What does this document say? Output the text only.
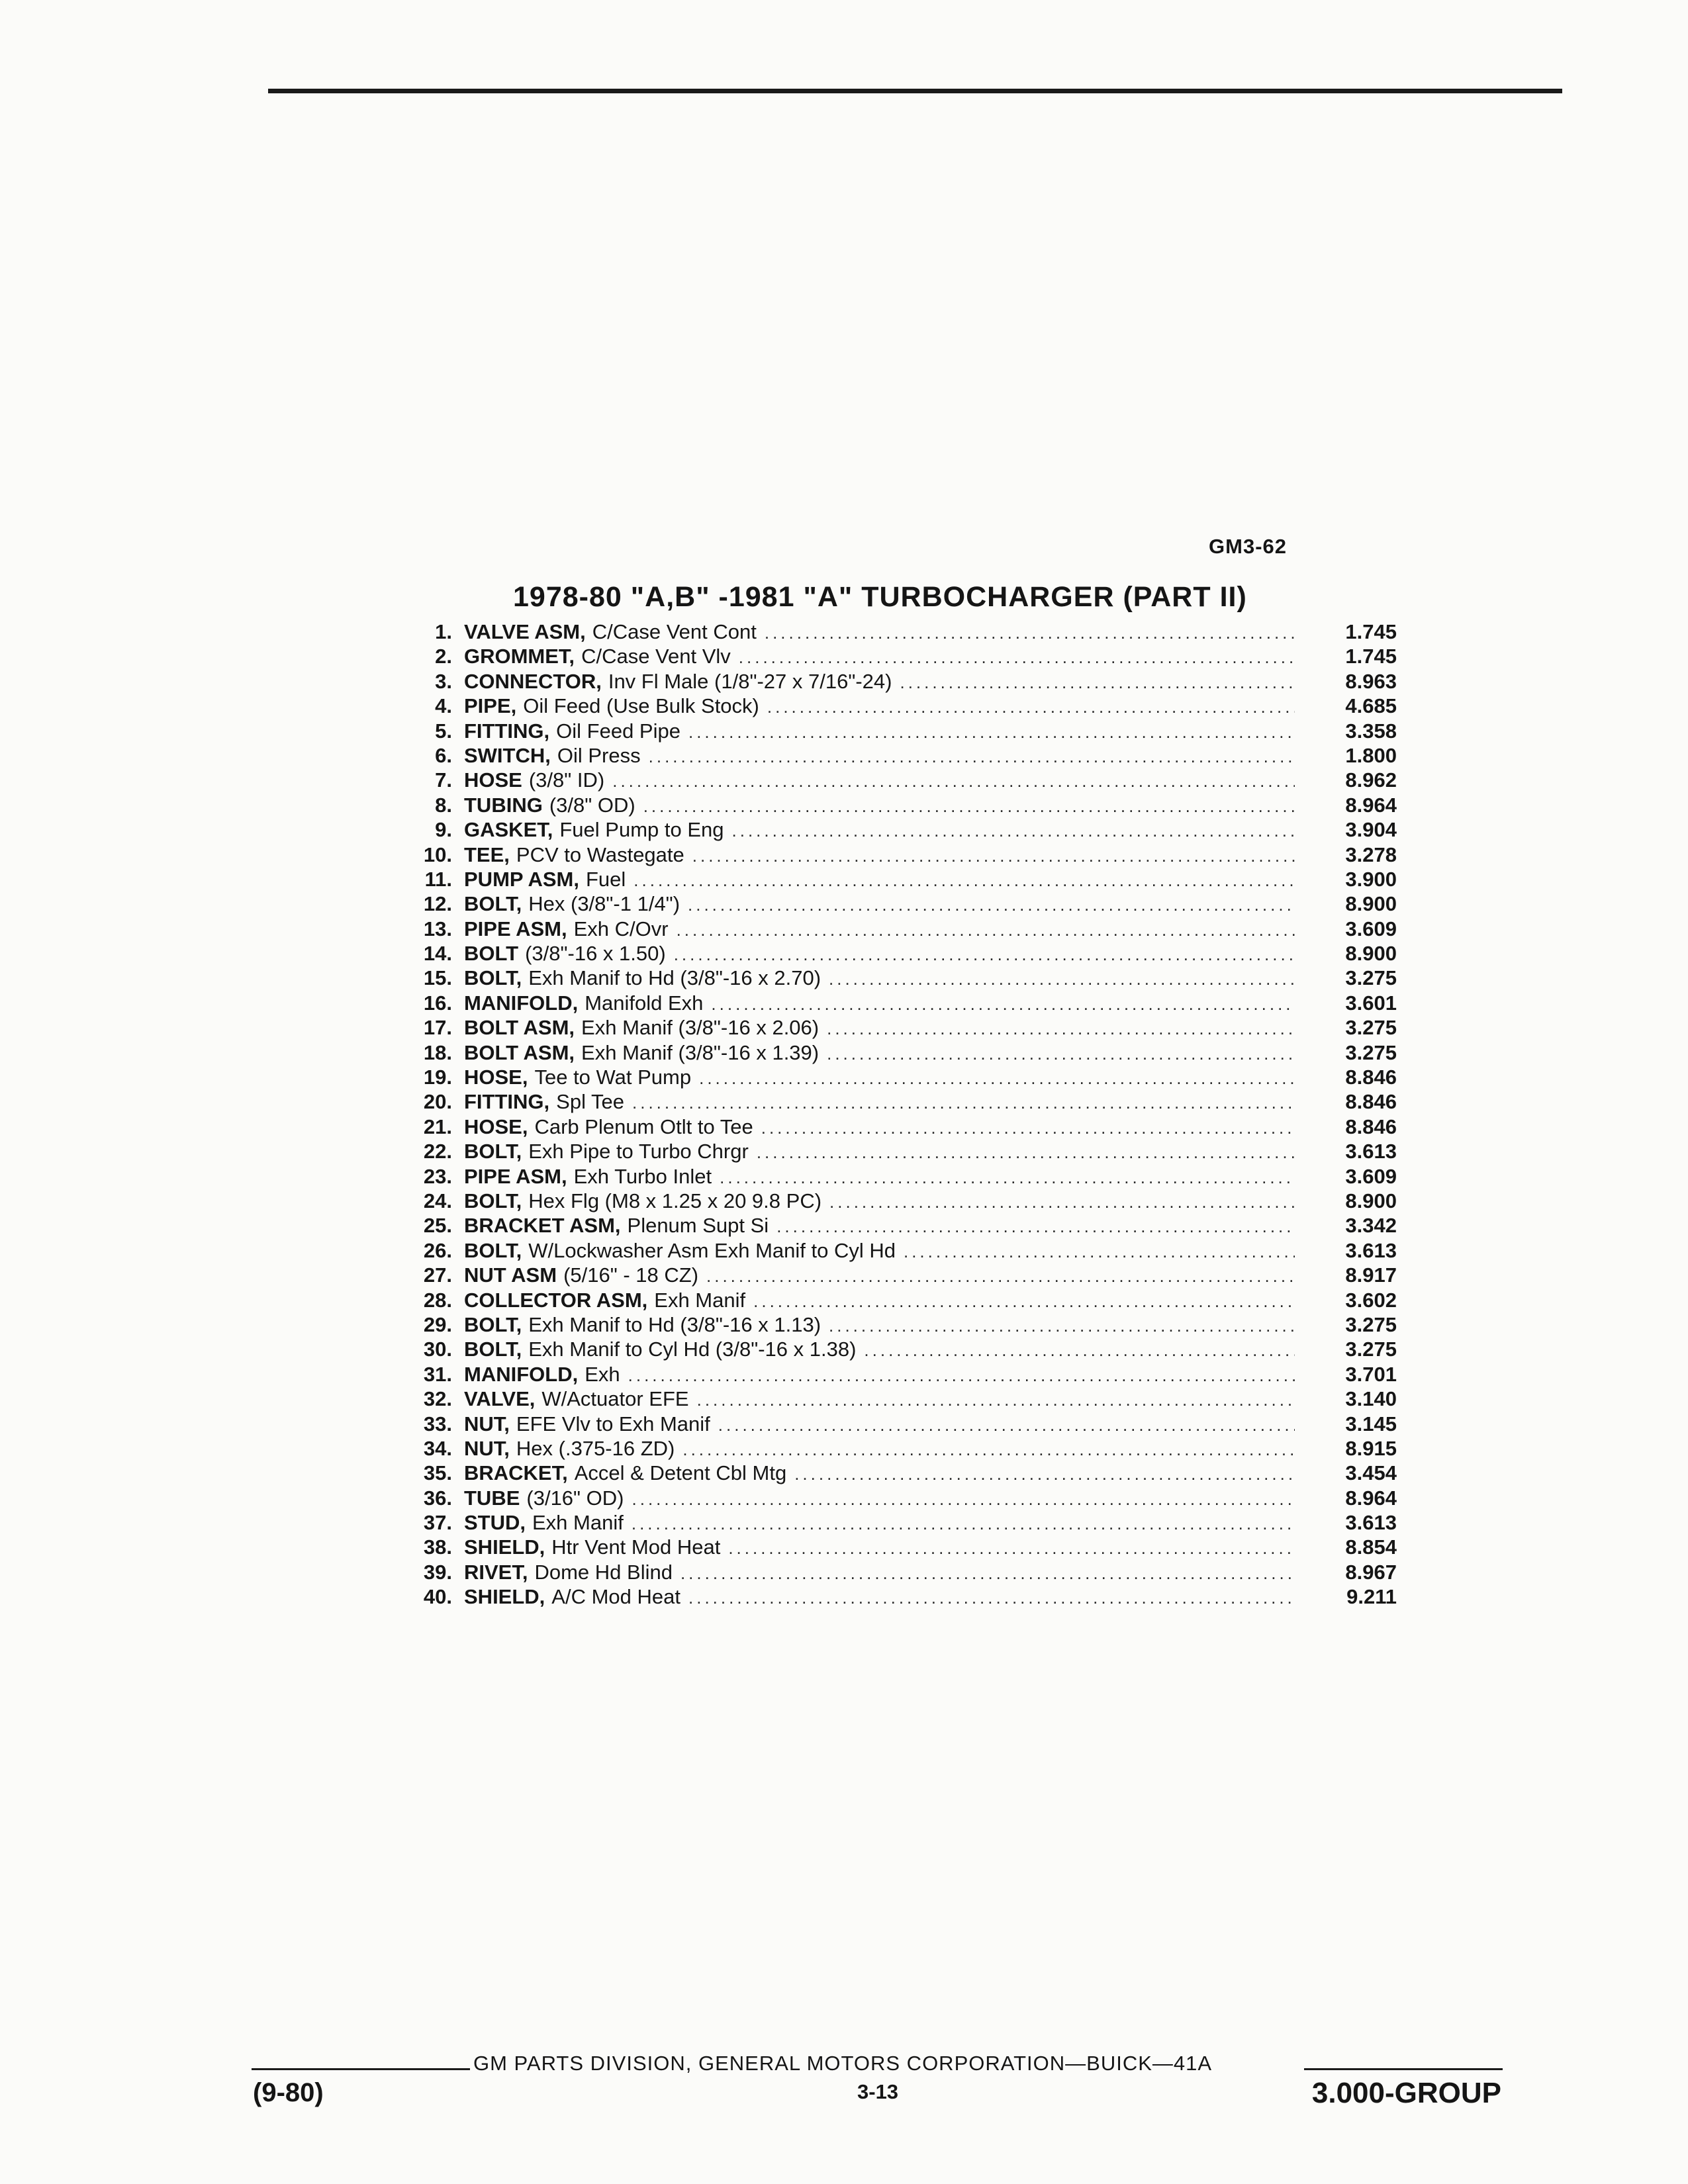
GM3-62
1978-80 "A,B" -1981 "A" TURBOCHARGER (PART II)
1. VALVE ASM, C/Case Vent Cont .....	1.745
2. GROMMET, C/Case Vent Vlv .....	1.745
3. CONNECTOR, Inv Fl Male (1/8"-27 x 7/16"-24) .....	8.963
4. PIPE, Oil Feed (Use Bulk Stock) .....	4.685
5. FITTING, Oil Feed Pipe .....	3.358
6. SWITCH, Oil Press .....	1.800
7. HOSE (3/8" ID) .....	8.962
8. TUBING (3/8" OD) .....	8.964
9. GASKET, Fuel Pump to Eng .....	3.904
10. TEE, PCV to Wastegate .....	3.278
11. PUMP ASM, Fuel .....	3.900
12. BOLT, Hex (3/8"-1 1/4") .....	8.900
13. PIPE ASM, Exh C/Ovr .....	3.609
14. BOLT (3/8"-16 x 1.50) .....	8.900
15. BOLT, Exh Manif to Hd (3/8"-16 x 2.70) .....	3.275
16. MANIFOLD, Manifold Exh .....	3.601
17. BOLT ASM, Exh Manif (3/8"-16 x 2.06) .....	3.275
18. BOLT ASM, Exh Manif (3/8"-16 x 1.39) .....	3.275
19. HOSE, Tee to Wat Pump .....	8.846
20. FITTING, Spl Tee .....	8.846
21. HOSE, Carb Plenum Otlt to Tee .....	8.846
22. BOLT, Exh Pipe to Turbo Chrgr .....	3.613
23. PIPE ASM, Exh Turbo Inlet .....	3.609
24. BOLT, Hex Flg (M8 x 1.25 x 20 9.8 PC) .....	8.900
25. BRACKET ASM, Plenum Supt Si .....	3.342
26. BOLT, W/Lockwasher Asm Exh Manif to Cyl Hd .....	3.613
27. NUT ASM (5/16" - 18 CZ) .....	8.917
28. COLLECTOR ASM, Exh Manif .....	3.602
29. BOLT, Exh Manif to Hd (3/8"-16 x 1.13) .....	3.275
30. BOLT, Exh Manif to Cyl Hd (3/8"-16 x 1.38) .....	3.275
31. MANIFOLD, Exh .....	3.701
32. VALVE, W/Actuator EFE .....	3.140
33. NUT, EFE Vlv to Exh Manif .....	3.145
34. NUT, Hex (.375-16 ZD) .....	8.915
35. BRACKET, Accel & Detent Cbl Mtg .....	3.454
36. TUBE (3/16" OD) .....	8.964
37. STUD, Exh Manif .....	3.613
38. SHIELD, Htr Vent Mod Heat .....	8.854
39. RIVET, Dome Hd Blind .....	8.967
40. SHIELD, A/C Mod Heat .....	9.211
GM PARTS DIVISION, GENERAL MOTORS CORPORATION—BUICK—41A
(9-80)	3-13	3.000-GROUP
